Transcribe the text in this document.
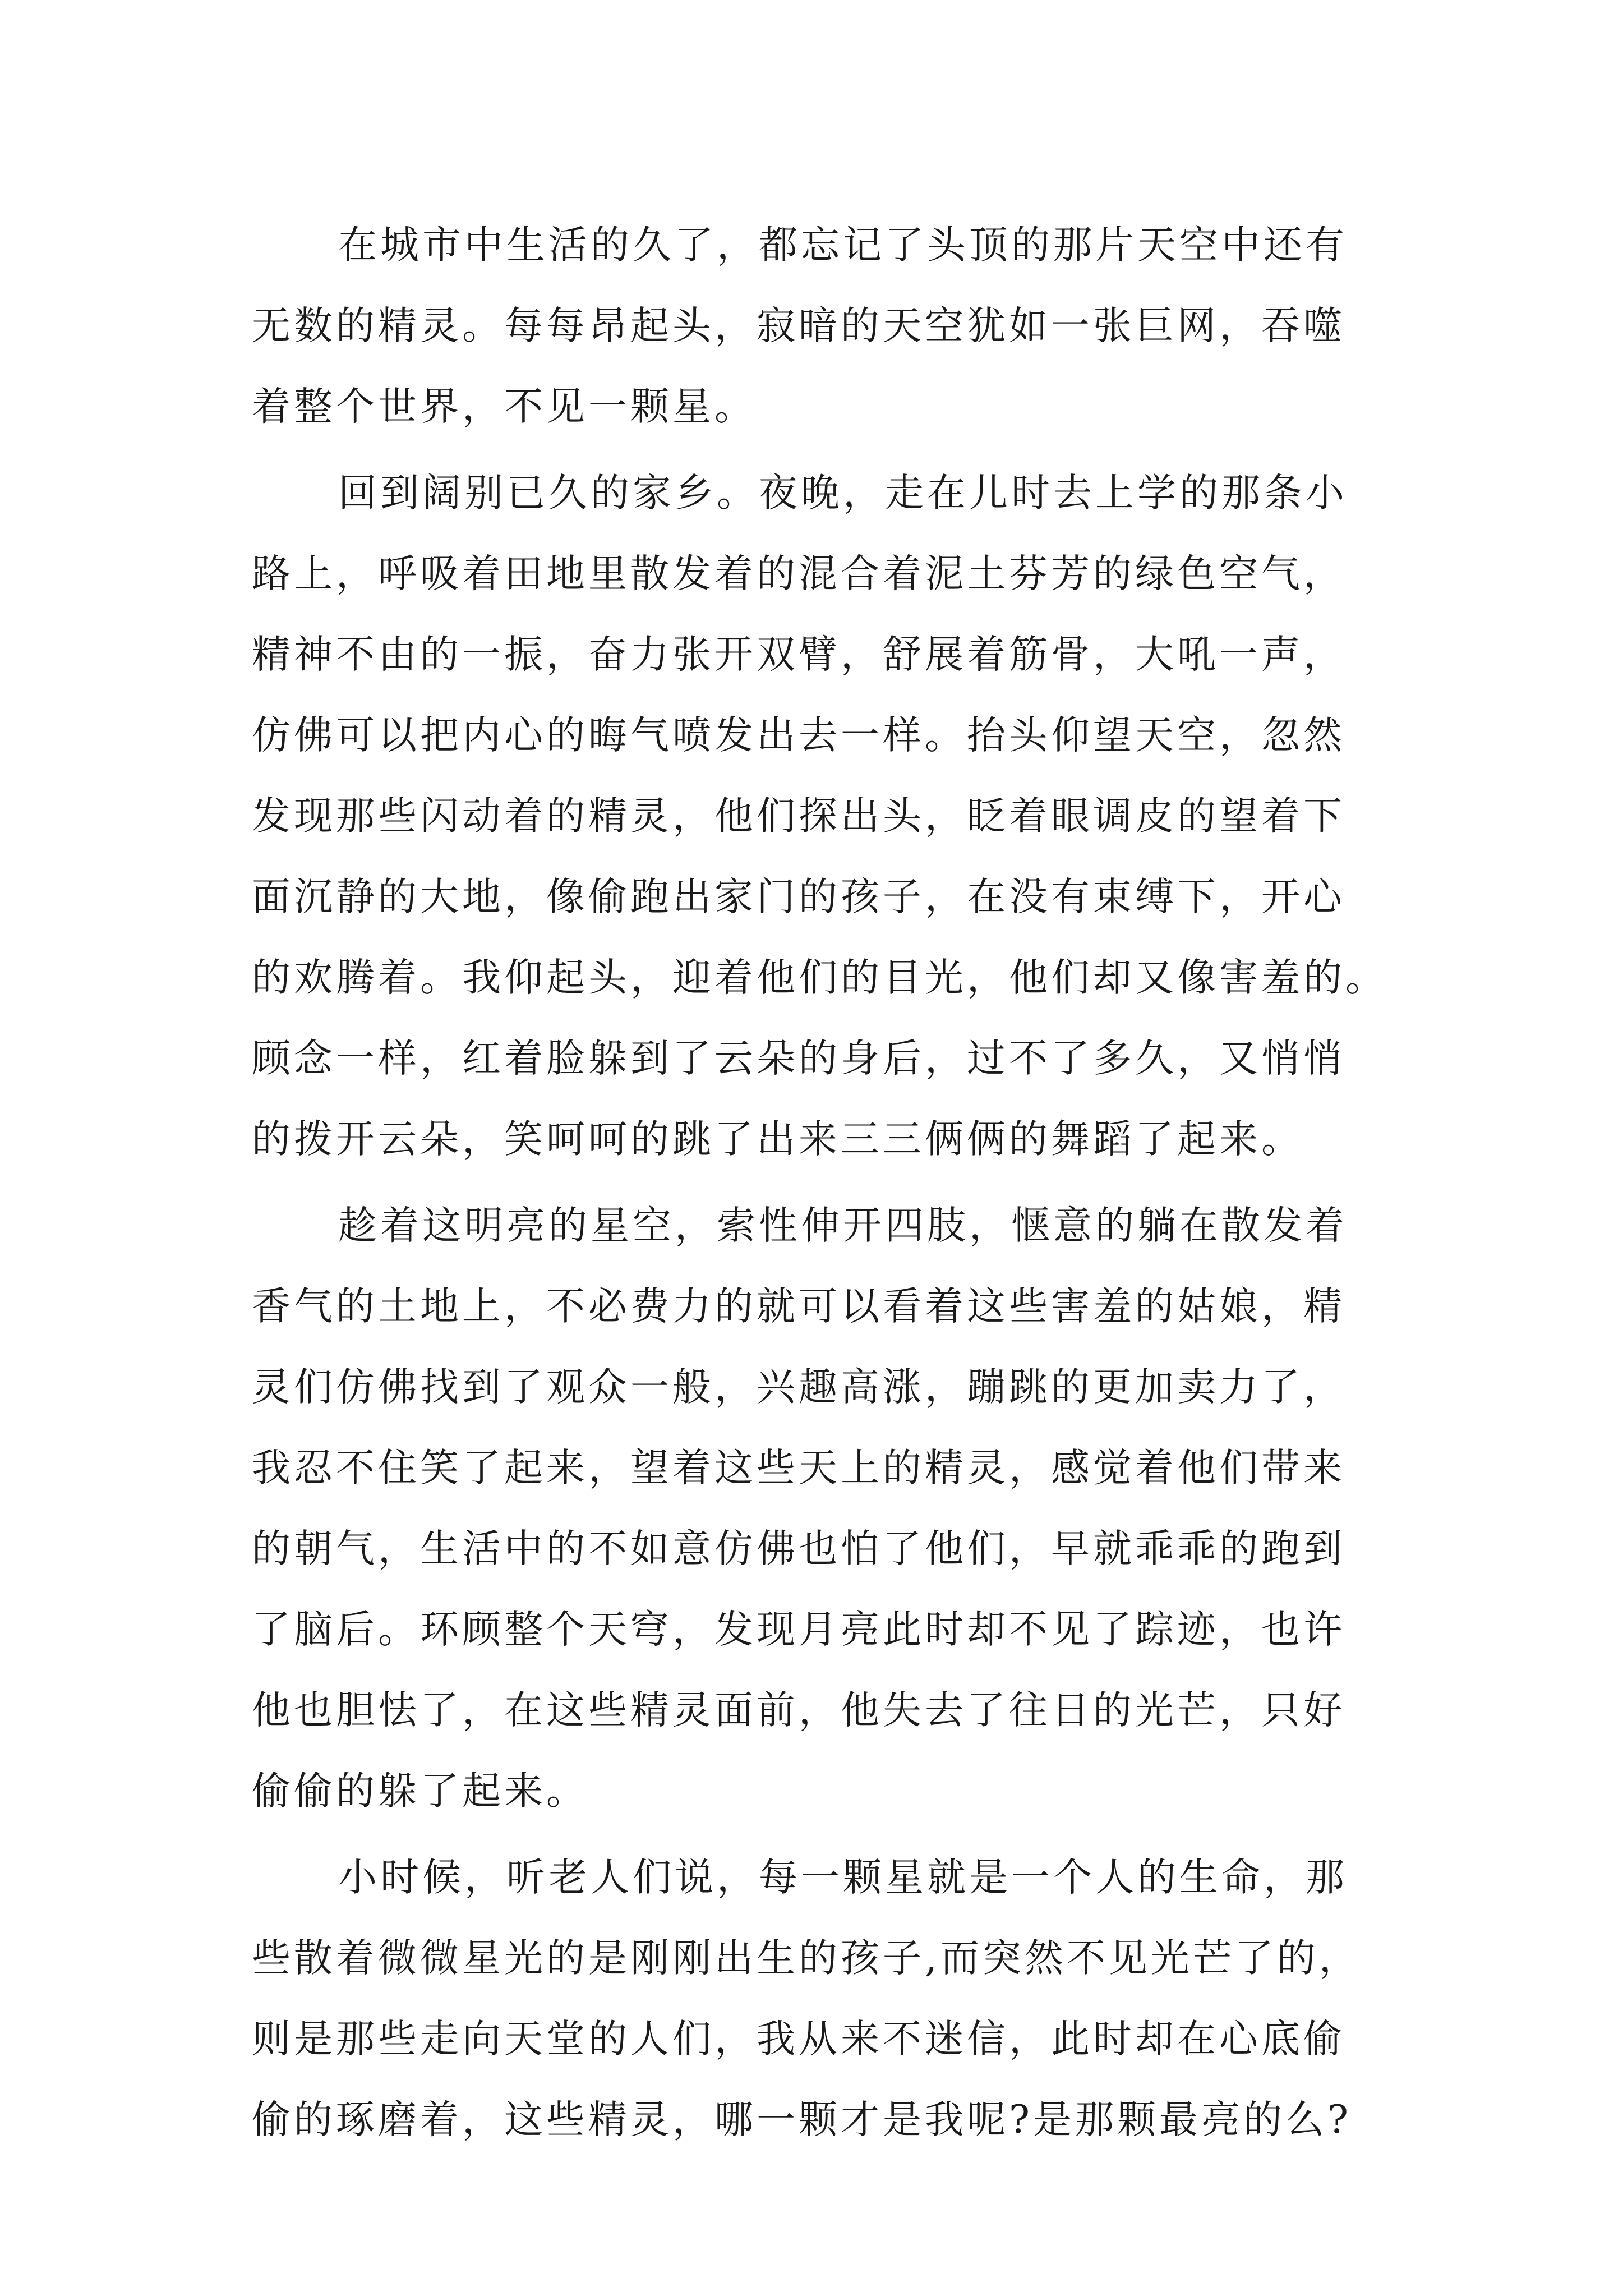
在城市中生活的久了，都忘记了头顶的那片天空中还有

无数的精灵。每每昂起头，寂暗的天空犹如一张巨网，吞噬

着整个世界，不见一颗星。

回到阔别已久的家乡。夜晚，走在儿时去上学的那条小

路上，呼吸着田地里散发着的混合着泥土芬芳的绿色空气，

精神不由的一振，奋力张开双臂，舒展着筋骨，大吼一声，

仿佛可以把内心的晦气喷发出去一样。抬头仰望天空，忽然

发现那些闪动着的精灵，他们探出头，眨着眼调皮的望着下

面沉静的大地，像偷跑出家门的孩子，在没有束缚下，开心

的欢腾着。我仰起头，迎着他们的目光，他们却又像害羞的。

顾念一样，红着脸躲到了云朵的身后，过不了多久，又悄悄

的拨开云朵，笑呵呵的跳了出来三三俩俩的舞蹈了起来。

趁着这明亮的星空，索性伸开四肢，惬意的躺在散发着

香气的土地上，不必费力的就可以看着这些害羞的姑娘，精

灵们仿佛找到了观众一般，兴趣高涨，蹦跳的更加卖力了，

我忍不住笑了起来，望着这些天上的精灵，感觉着他们带来

的朝气，生活中的不如意仿佛也怕了他们，早就乖乖的跑到

了脑后。环顾整个天穹，发现月亮此时却不见了踪迹，也许

他也胆怯了，在这些精灵面前，他失去了往日的光芒，只好

偷偷的躲了起来。

小时候，听老人们说，每一颗星就是一个人的生命，那

些散着微微星光的是刚刚出生的孩子,而突然不见光芒了的，

则是那些走向天堂的人们，我从来不迷信，此时却在心底偷

偷的琢磨着，这些精灵，哪一颗才是我呢?是那颗最亮的么?
